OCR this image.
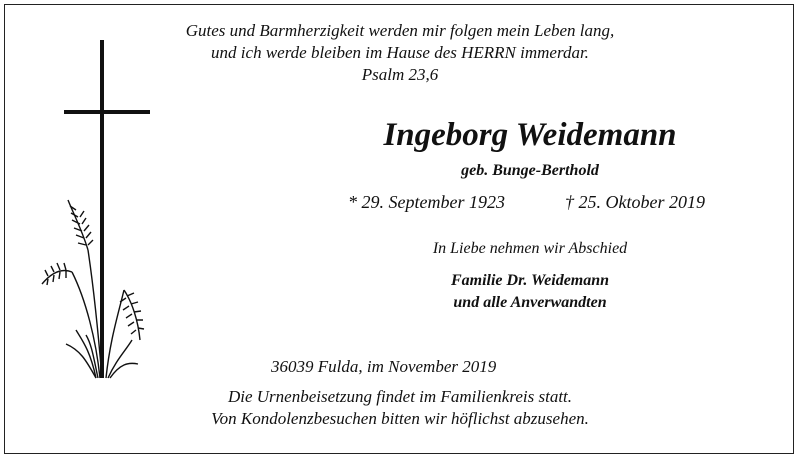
Gutes und Barmherzigkeit werden mir folgen mein Leben lang,
und ich werde bleiben im Hause des HERRN immerdar.
Psalm 23,6
Ingeborg Weidemann
geb. Bunge-Berthold
* 29. September 1923	† 25. Oktober 2019
In Liebe nehmen wir Abschied
Familie Dr. Weidemann
und alle Anverwandten
36039 Fulda, im November 2019
Die Urnenbeisetzung findet im Familienkreis statt.
Von Kondolenzbesuchen bitten wir höflichst abzusehen.
